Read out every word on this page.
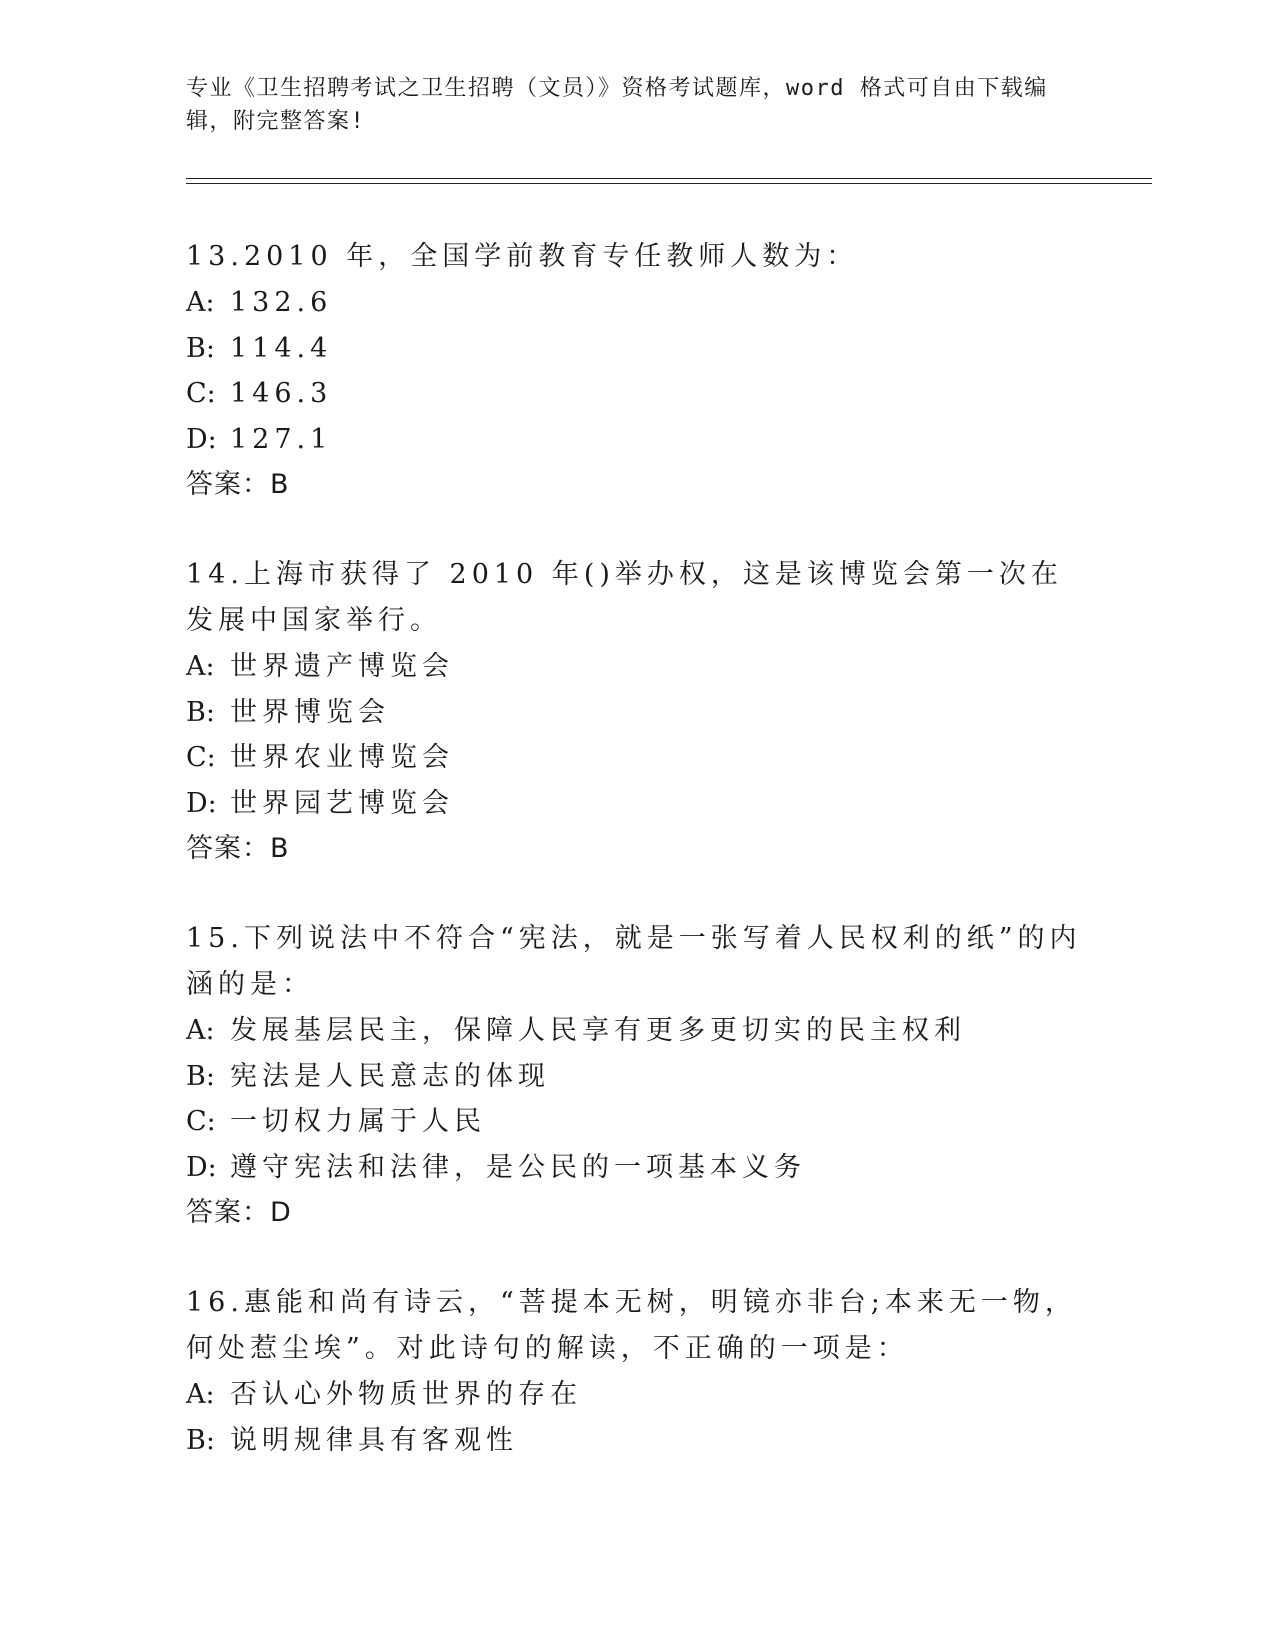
专业《卫生招聘考试之卫生招聘（文员）》资格考试题库，word 格式可自由下载编辑，附完整答案!
13.2010 年，全国学前教育专任教师人数为：
A: 132.6
B: 114.4
C: 146.3
D: 127.1
答案：B
14.上海市获得了 2010 年()举办权，这是该博览会第一次在发展中国家举行。
A: 世界遗产博览会
B: 世界博览会
C: 世界农业博览会
D: 世界园艺博览会
答案：B
15.下列说法中不符合“宪法，就是一张写着人民权利的纸”的内涵的是：
A: 发展基层民主，保障人民享有更多更切实的民主权利
B: 宪法是人民意志的体现
C: 一切权力属于人民
D: 遵守宪法和法律，是公民的一项基本义务
答案：D
16.惠能和尚有诗云，“菩提本无树，明镜亦非台;本来无一物，何处惹尘埃”。对此诗句的解读，不正确的一项是：
A: 否认心外物质世界的存在
B: 说明规律具有客观性
